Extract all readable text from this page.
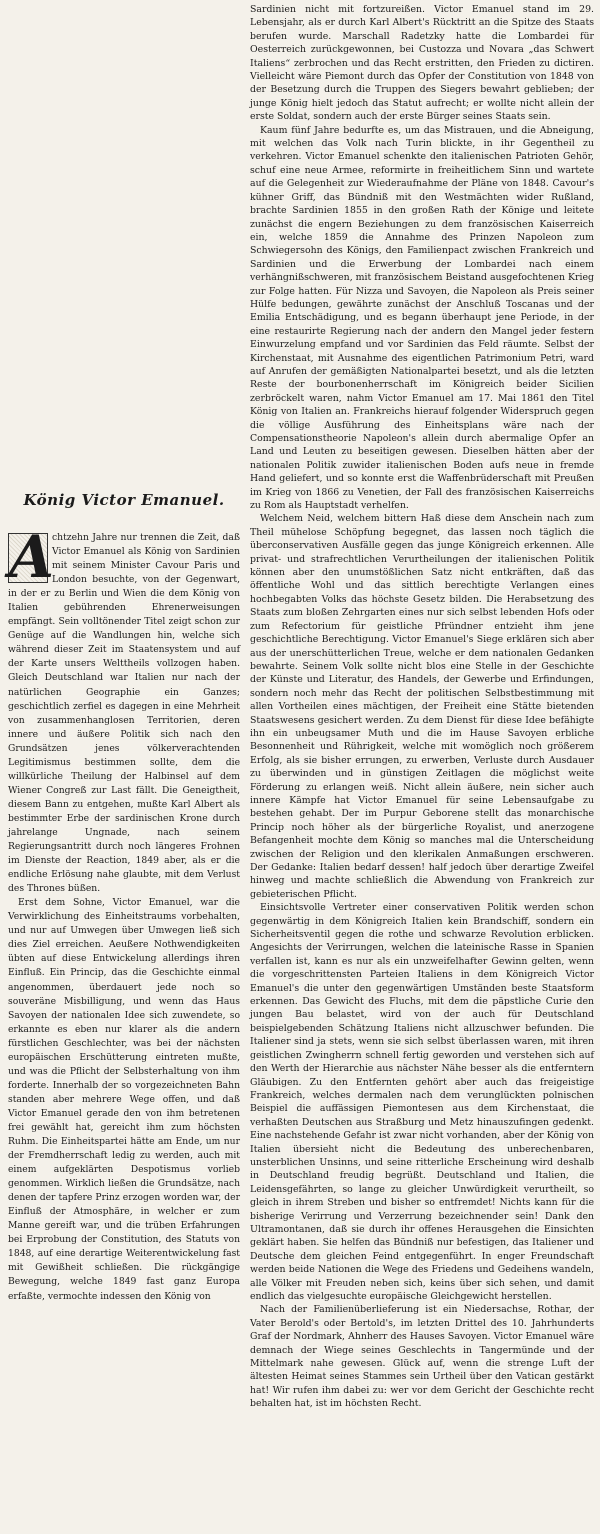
König Victor Emanuel.

A
chtzehn Jahre nur trennen die Zeit, daß Victor Emanuel als König von Sardinien mit seinem Minister Cavour Paris und London besuchte, von der Gegenwart, in der er zu Berlin und Wien die dem König von Italien gebührenden Ehrenerweisungen empfängt. Sein volltönender Titel zeigt schon zur Genüge auf die Wandlungen hin, welche sich während dieser Zeit im Staatensystem und auf der Karte unsers Welttheils vollzogen haben. Gleich Deutschland war Italien nur nach der natürlichen Geographie ein Ganzes; geschichtlich zerfiel es dagegen in eine Mehrheit von zusammenhanglosen Territorien, deren innere und äußere Politik sich nach den Grundsätzen jenes völkerverachtenden Legitimismus bestimmen sollte, dem die willkürliche Theilung der Halbinsel auf dem Wiener Congreß zur Last fällt. Die Geneigtheit, diesem Bann zu entgehen, mußte Karl Albert als bestimmter Erbe der sardinischen Krone durch jahrelange Ungnade, nach seinem Regierungsantritt durch noch längeres Frohnen im Dienste der Reaction, 1849 aber, als er die endliche Erlösung nahe glaubte, mit dem Verlust des Thrones büßen.

Erst dem Sohne, Victor Emanuel, war die Verwirklichung des Einheitstraums vorbehalten, und nur auf Umwegen über Umwegen ließ sich dies Ziel erreichen. Aeußere Nothwendigkeiten übten auf diese Entwickelung allerdings ihren Einfluß. Ein Princip, das die Geschichte einmal angenommen, überdauert jede noch so souveräne Misbilligung, und wenn das Haus Savoyen der nationalen Idee sich zuwendete, so erkannte es eben nur klarer als die andern fürstlichen Geschlechter, was bei der nächsten europäischen Erschütterung eintreten mußte, und was die Pflicht der Selbsterhaltung von ihm forderte. Innerhalb der so vorgezeichneten Bahn standen aber mehrere Wege offen, und daß Victor Emanuel gerade den von ihm betretenen frei gewählt hat, gereicht ihm zum höchsten Ruhm. Die Einheitspartei hätte am Ende, um nur der Fremdherrschaft ledig zu werden, auch mit einem aufgeklärten Despotismus vorlieb genommen. Wirklich ließen die Grundsätze, nach denen der tapfere Prinz erzogen worden war, der Einfluß der Atmosphäre, in welcher er zum Manne gereift war, und die trüben Erfahrungen bei Erprobung der Constitution, des Statuts von 1848, auf eine derartige Weiterentwickelung fast mit Gewißheit schließen. Die rückgängige Bewegung, welche 1849 fast ganz Europa erfaßte, vermochte indessen den König von

Sardinien nicht mit fortzureißen. Victor Emanuel stand im 29. Lebensjahr, als er durch Karl Albert's Rücktritt an die Spitze des Staats berufen wurde. Marschall Radetzky hatte die Lombardei für Oesterreich zurückgewonnen, bei Custozza und Novara „das Schwert Italiens“ zerbrochen und das Recht erstritten, den Frieden zu dictiren. Vielleicht wäre Piemont durch das Opfer der Constitution von 1848 von der Besetzung durch die Truppen des Siegers bewahrt geblieben; der junge König hielt jedoch das Statut aufrecht; er wollte nicht allein der erste Soldat, sondern auch der erste Bürger seines Staats sein.

Kaum fünf Jahre bedurfte es, um das Mistrauen, und die Abneigung, mit welchen das Volk nach Turin blickte, in ihr Gegentheil zu verkehren. Victor Emanuel schenkte den italienischen Patrioten Gehör, schuf eine neue Armee, reformirte in freiheitlichem Sinn und wartete auf die Gelegenheit zur Wiederaufnahme der Pläne von 1848. Cavour's kühner Griff, das Bündniß mit den Westmächten wider Rußland, brachte Sardinien 1855 in den großen Rath der Könige und leitete zunächst die engern Beziehungen zu dem französischen Kaiserreich ein, welche 1859 die Annahme des Prinzen Napoleon zum Schwiegersohn des Königs, den Familienpact zwischen Frankreich und Sardinien und die Erwerbung der Lombardei nach einem verhängnißschweren, mit französischem Beistand ausgefochtenen Krieg zur Folge hatten. Für Nizza und Savoyen, die Napoleon als Preis seiner Hülfe bedungen, gewährte zunächst der Anschluß Toscanas und der Emilia Entschädigung, und es begann überhaupt jene Periode, in der eine restaurirte Regierung nach der andern den Mangel jeder festern Einwurzelung empfand und vor Sardinien das Feld räumte. Selbst der Kirchenstaat, mit Ausnahme des eigentlichen Patrimonium Petri, ward auf Anrufen der gemäßigten Nationalpartei besetzt, und als die letzten Reste der bourbonenherrschaft im Königreich beider Sicilien zerbröckelt waren, nahm Victor Emanuel am 17. Mai 1861 den Titel König von Italien an. Frankreichs hierauf folgender Widerspruch gegen die völlige Ausführung des Einheitsplans wäre nach der Compensationstheorie Napoleon's allein durch abermalige Opfer an Land und Leuten zu beseitigen gewesen. Dieselben hätten aber der nationalen Politik zuwider italienischen Boden aufs neue in fremde Hand geliefert, und so konnte erst die Waffenbrüderschaft mit Preußen im Krieg von 1866 zu Venetien, der Fall des französischen Kaiserreichs zu Rom als Hauptstadt verhelfen.

Welchem Neid, welchem bittern Haß diese dem Anschein nach zum Theil mühelose Schöpfung begegnet, das lassen noch täglich die überconservativen Ausfälle gegen das junge Königreich erkennen. Alle privat- und strafrechtlichen Verurtheilungen der italienischen Politik können aber den unumstößlichen Satz nicht entkräften, daß das öffentliche Wohl und das sittlich berechtigte Verlangen eines hochbegabten Volks das höchste Gesetz bilden. Die Herabsetzung des Staats zum bloßen Zehrgarten eines nur sich selbst lebenden Hofs oder zum Refectorium für geistliche Pfründner entzieht ihm jene geschichtliche Berechtigung. Victor Emanuel's Siege erklären sich aber aus der unerschütterlichen Treue, welche er dem nationalen Gedanken bewahrte. Seinem Volk sollte nicht blos eine Stelle in der Geschichte der Künste und Literatur, des Handels, der Gewerbe und Erfindungen, sondern noch mehr das Recht der politischen Selbstbestimmung mit allen Vortheilen eines mächtigen, der Freiheit eine Stätte bietenden Staatswesens gesichert werden. Zu dem Dienst für diese Idee befähigte ihn ein unbeugsamer Muth und die im Hause Savoyen erbliche Besonnenheit und Rührigkeit, welche mit womöglich noch größerem Erfolg, als sie bisher errungen, zu erwerben, Verluste durch Ausdauer zu überwinden und in günstigen Zeitlagen die möglichst weite Förderung zu erlangen weiß. Nicht allein äußere, nein sicher auch innere Kämpfe hat Victor Emanuel für seine Lebensaufgabe zu bestehen gehabt. Der im Purpur Geborene stellt das monarchische Princip noch höher als der bürgerliche Royalist, und anerzogene Befangenheit mochte dem König so manches mal die Unterscheidung zwischen der Religion und den klerikalen Anmaßungen erschweren. Der Gedanke: Italien bedarf dessen! half jedoch über derartige Zweifel hinweg und machte schließlich die Abwendung von Frankreich zur gebieterischen Pflicht.

Einsichtsvolle Vertreter einer conservativen Politik werden schon gegenwärtig in dem Königreich Italien kein Brandschiff, sondern ein Sicherheitsventil gegen die rothe und schwarze Revolution erblicken. Angesichts der Verirrungen, welchen die lateinische Rasse in Spanien verfallen ist, kann es nur als ein unzweifelhafter Gewinn gelten, wenn die vorgeschrittensten Parteien Italiens in dem Königreich Victor Emanuel's die unter den gegenwärtigen Umständen beste Staatsform erkennen. Das Gewicht des Fluchs, mit dem die päpstliche Curie den jungen Bau belastet, wird von der auch für Deutschland beispielgebenden Schätzung Italiens nicht allzuschwer befunden. Die Italiener sind ja stets, wenn sie sich selbst überlassen waren, mit ihren geistlichen Zwingherrn schnell fertig geworden und verstehen sich auf den Werth der Hierarchie aus nächster Nähe besser als die entferntern Gläubigen. Zu den Entfernten gehört aber auch das freigeistige Frankreich, welches dermalen nach dem verunglückten polnischen Beispiel die auffässigen Piemontesen aus dem Kirchenstaat, die verhaßten Deutschen aus Straßburg und Metz hinauszufingen gedenkt. Eine nachstehende Gefahr ist zwar nicht vorhanden, aber der König von Italien übersieht nicht die Bedeutung des unberechenbaren, unsterblichen Unsinns, und seine ritterliche Erscheinung wird deshalb in Deutschland freudig begrüßt. Deutschland und Italien, die Leidensgefährten, so lange zu gleicher Unwürdigkeit verurtheilt, so gleich in ihrem Streben und bisher so entfremdet! Nichts kann für die bisherige Verirrung und Verzerrung bezeichnender sein! Dank den Ultramontanen, daß sie durch ihr offenes Herausgehen die Einsichten geklärt haben. Sie helfen das Bündniß nur befestigen, das Italiener und Deutsche dem gleichen Feind entgegenführt. In enger Freundschaft werden beide Nationen die Wege des Friedens und Gedeihens wandeln, alle Völker mit Freuden neben sich, keins über sich sehen, und damit endlich das vielgesuchte europäische Gleichgewicht herstellen.

Nach der Familienüberlieferung ist ein Niedersachse, Rothar, der Vater Berold's oder Bertold's, im letzten Drittel des 10. Jahrhunderts Graf der Nordmark, Ahnherr des Hauses Savoyen. Victor Emanuel wäre demnach der Wiege seines Geschlechts in Tangermünde und der Mittelmark nahe gewesen. Glück auf, wenn die strenge Luft der ältesten Heimat seines Stammes sein Urtheil über den Vatican gestärkt hat! Wir rufen ihm dabei zu: wer vor dem Gericht der Geschichte recht behalten hat, ist im höchsten Recht.
